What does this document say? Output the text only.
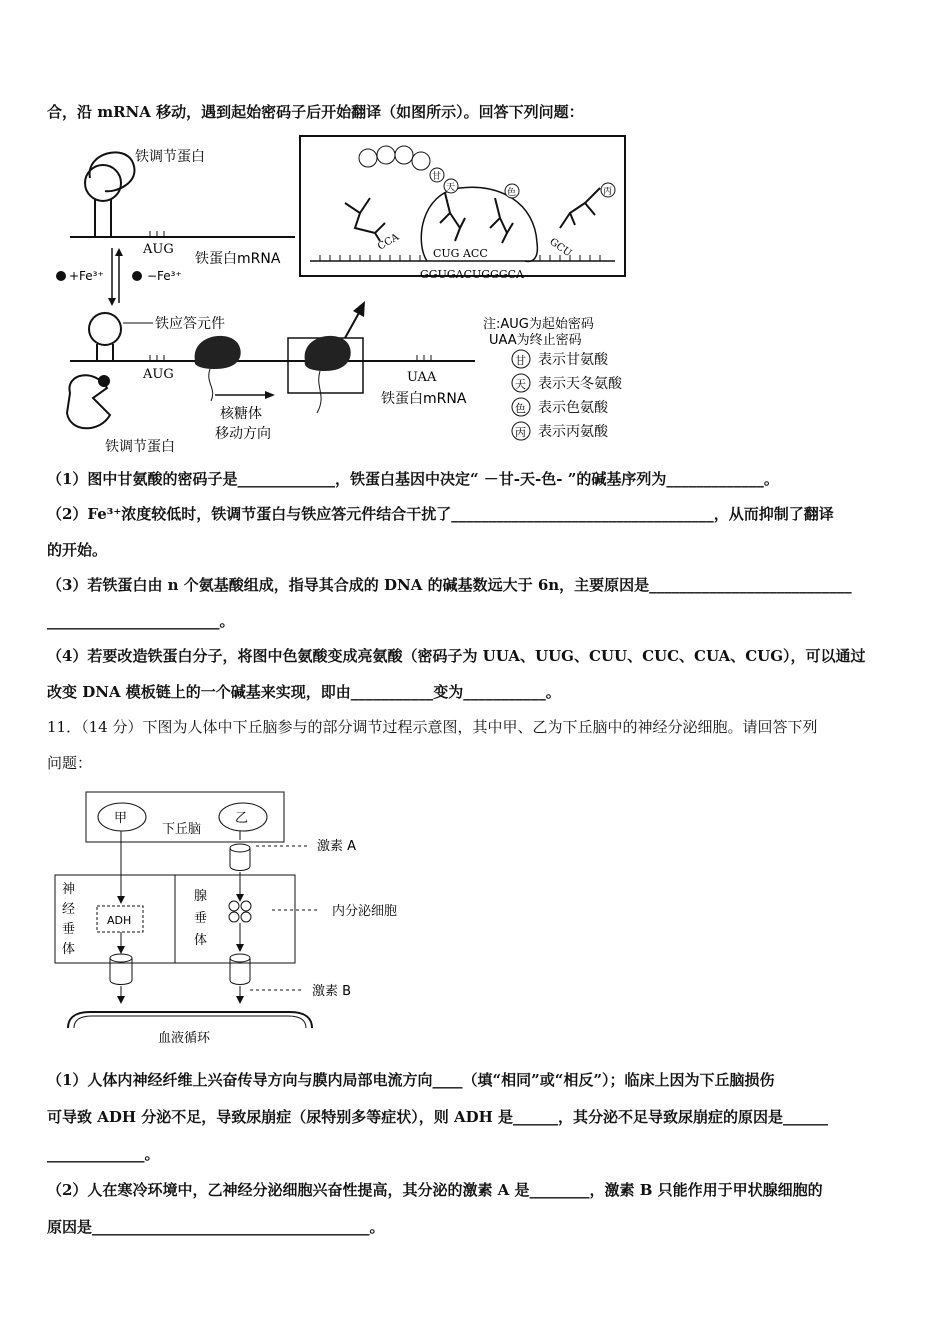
合，沿 mRNA 移动，遇到起始密码子后开始翻译（如图所示）。回答下列问题：
铁调节蛋白
AUG
铁蛋白mRNA
+Fe³⁺	−Fe³⁺
铁应答元件
AUG	UAA
铁蛋白mRNA
核糖体
移动方向
铁调节蛋白
CUG ACC
GGUGACUGGGCA
CCA	GCU
甘
天	色	丙
注:AUG为起始密码
UAA为终止密码
甘 表示甘氨酸
天 表示天冬氨酸
色 表示色氨酸
丙 表示丙氨酸
（1）图中甘氨酸的密码子是_____________，铁蛋白基因中决定“ －甘-天-色- ”的碱基序列为_____________。
（2）Fe³⁺浓度较低时，铁调节蛋白与铁应答元件结合干扰了___________________________________，从而抑制了翻译
的开始。
（3）若铁蛋白由 n 个氨基酸组成，指导其合成的 DNA 的碱基数远大于 6n，主要原因是___________________________
_______________________。
（4）若要改造铁蛋白分子，将图中色氨酸变成亮氨酸（密码子为 UUA、UUG、CUU、CUC、CUA、CUG），可以通过
改变 DNA 模板链上的一个碱基来实现，即由___________变为___________。
11．（14 分）下图为人体中下丘脑参与的部分调节过程示意图，其中甲、乙为下丘脑中的神经分泌细胞。请回答下列
问题：
甲	乙
下丘脑
神
经
垂
体
腺
垂
体
ADH
激素 A
内分泌细胞
激素 B
血液循环
（1）人体内神经纤维上兴奋传导方向与膜内局部电流方向____（填“相同”或“相反”）；临床上因为下丘脑损伤
可导致 ADH 分泌不足，导致尿崩症（尿特别多等症状），则 ADH 是______，其分泌不足导致尿崩症的原因是______
_____________。
（2）人在寒冷环境中，乙神经分泌细胞兴奋性提高，其分泌的激素 A 是________，激素 B 只能作用于甲状腺细胞的
原因是_____________________________________。
